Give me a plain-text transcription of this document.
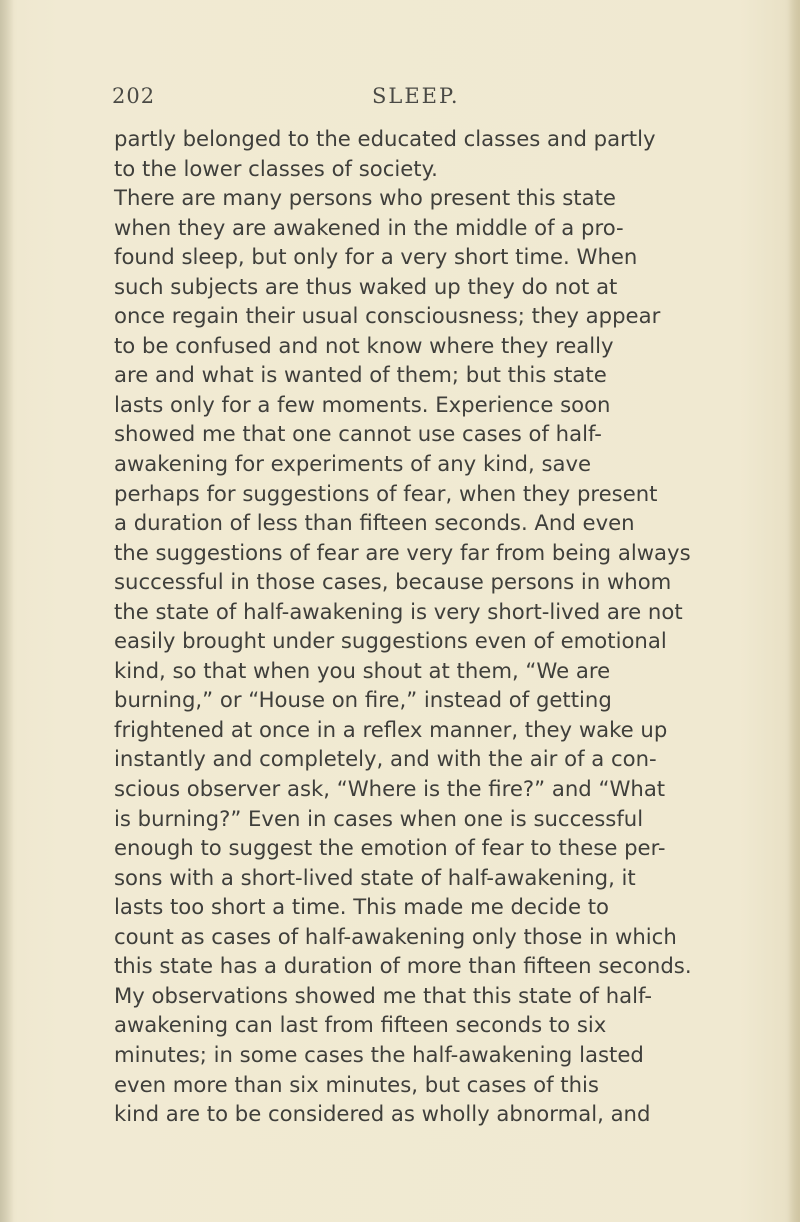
202	SLEEP.
partly belonged to the educated classes and partly
to the lower classes of society.
There are many persons who present this state
when they are awakened in the middle of a pro-
found sleep, but only for a very short time. When
such subjects are thus waked up they do not at
once regain their usual consciousness; they appear
to be confused and not know where they really
are and what is wanted of them; but this state
lasts only for a few moments. Experience soon
showed me that one cannot use cases of half-
awakening for experiments of any kind, save
perhaps for suggestions of fear, when they present
a duration of less than fifteen seconds. And even
the suggestions of fear are very far from being always
successful in those cases, because persons in whom
the state of half-awakening is very short-lived are not
easily brought under suggestions even of emotional
kind, so that when you shout at them, “We are
burning,” or “House on fire,” instead of getting
frightened at once in a reflex manner, they wake up
instantly and completely, and with the air of a con-
scious observer ask, “Where is the fire?” and “What
is burning?” Even in cases when one is successful
enough to suggest the emotion of fear to these per-
sons with a short-lived state of half-awakening, it
lasts too short a time. This made me decide to
count as cases of half-awakening only those in which
this state has a duration of more than fifteen seconds.
My observations showed me that this state of half-
awakening can last from fifteen seconds to six
minutes; in some cases the half-awakening lasted
even more than six minutes, but cases of this
kind are to be considered as wholly abnormal, and
